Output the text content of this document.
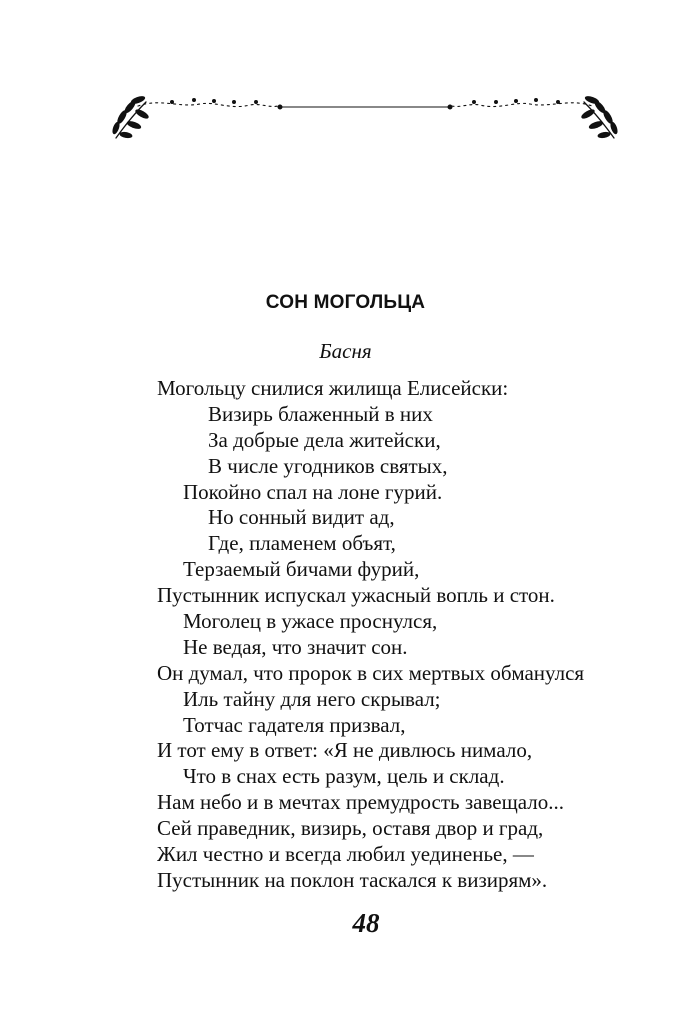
СОН МОГОЛЬЦА
Басня
Могольцу снилися жилища Елисейски:
Визирь блаженный в них
За добрые дела житейски,
В числе угодников святых,
Покойно спал на лоне гурий.
Но сонный видит ад,
Где, пламенем объят,
Терзаемый бичами фурий,
Пустынник испускал ужасный вопль и стон.
Моголец в ужасе проснулся,
Не ведая, что значит сон.
Он думал, что пророк в сих мертвых обманулся
Иль тайну для него скрывал;
Тотчас гадателя призвал,
И тот ему в ответ: «Я не дивлюсь нимало,
Что в снах есть разум, цель и склад.
Нам небо и в мечтах премудрость завещало...
Сей праведник, визирь, оставя двор и град,
Жил честно и всегда любил уединенье, —
Пустынник на поклон таскался к визирям».
48
